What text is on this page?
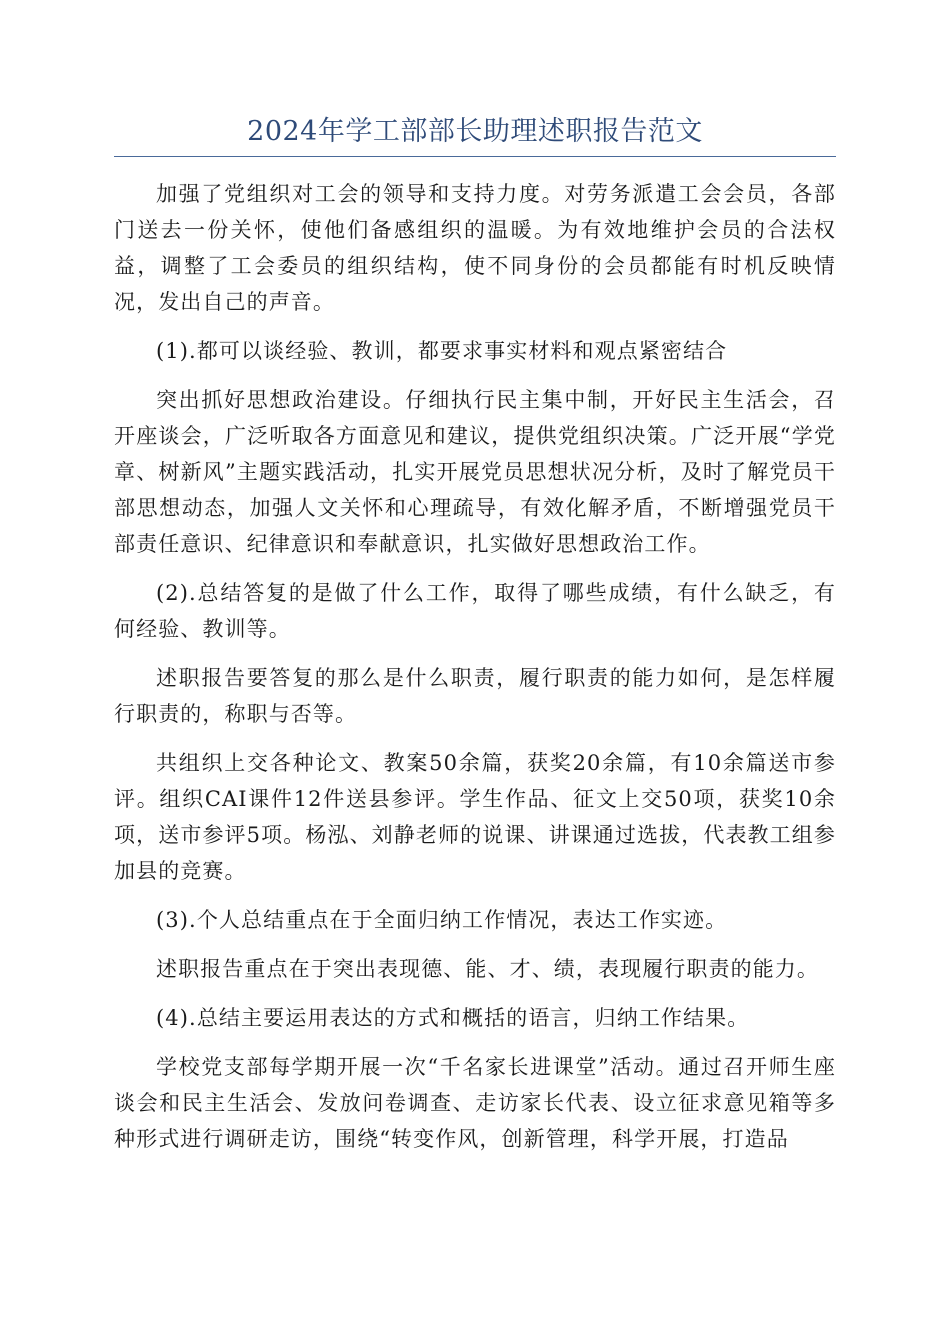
2024年学工部部长助理述职报告范文

加强了党组织对工会的领导和支持力度。对劳务派遣工会会员，各部门送去一份关怀，使他们备感组织的温暖。为有效地维护会员的合法权益，调整了工会委员的组织结构，使不同身份的会员都能有时机反映情况，发出自己的声音。

(1).都可以谈经验、教训，都要求事实材料和观点紧密结合

突出抓好思想政治建设。仔细执行民主集中制，开好民主生活会，召开座谈会，广泛听取各方面意见和建议，提供党组织决策。广泛开展“学党章、树新风”主题实践活动，扎实开展党员思想状况分析，及时了解党员干部思想动态，加强人文关怀和心理疏导，有效化解矛盾，不断增强党员干部责任意识、纪律意识和奉献意识，扎实做好思想政治工作。

(2).总结答复的是做了什么工作，取得了哪些成绩，有什么缺乏，有何经验、教训等。

述职报告要答复的那么是什么职责，履行职责的能力如何，是怎样履行职责的，称职与否等。

共组织上交各种论文、教案50余篇，获奖20余篇，有10余篇送市参评。组织CAI课件12件送县参评。学生作品、征文上交50项，获奖10余项，送市参评5项。杨泓、刘静老师的说课、讲课通过选拔，代表教工组参加县的竞赛。

(3).个人总结重点在于全面归纳工作情况，表达工作实迹。

述职报告重点在于突出表现德、能、才、绩，表现履行职责的能力。

(4).总结主要运用表达的方式和概括的语言，归纳工作结果。

学校党支部每学期开展一次“千名家长进课堂”活动。通过召开师生座谈会和民主生活会、发放问卷调查、走访家长代表、设立征求意见箱等多种形式进行调研走访，围绕“转变作风，创新管理，科学开展，打造品
